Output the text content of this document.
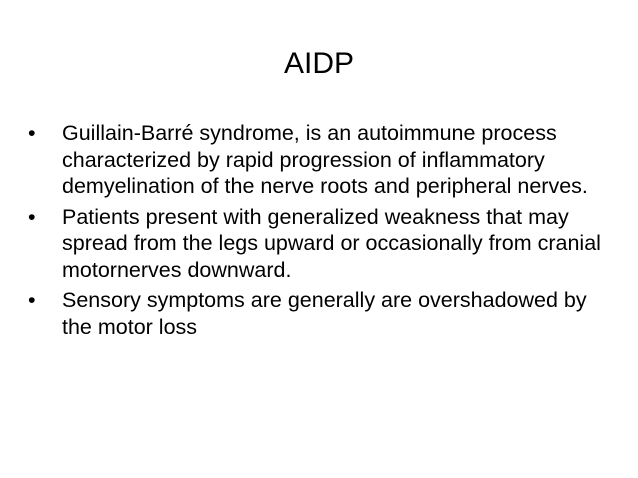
AIDP
•	Guillain-Barré syndrome, is an autoimmune process characterized by rapid progression of inflammatory demyelination of the nerve roots and peripheral nerves.
•	Patients present with generalized weakness that may spread from the legs upward or occasionally from cranial motornerves downward.
•	Sensory symptoms are generally are overshadowed by the motor loss
